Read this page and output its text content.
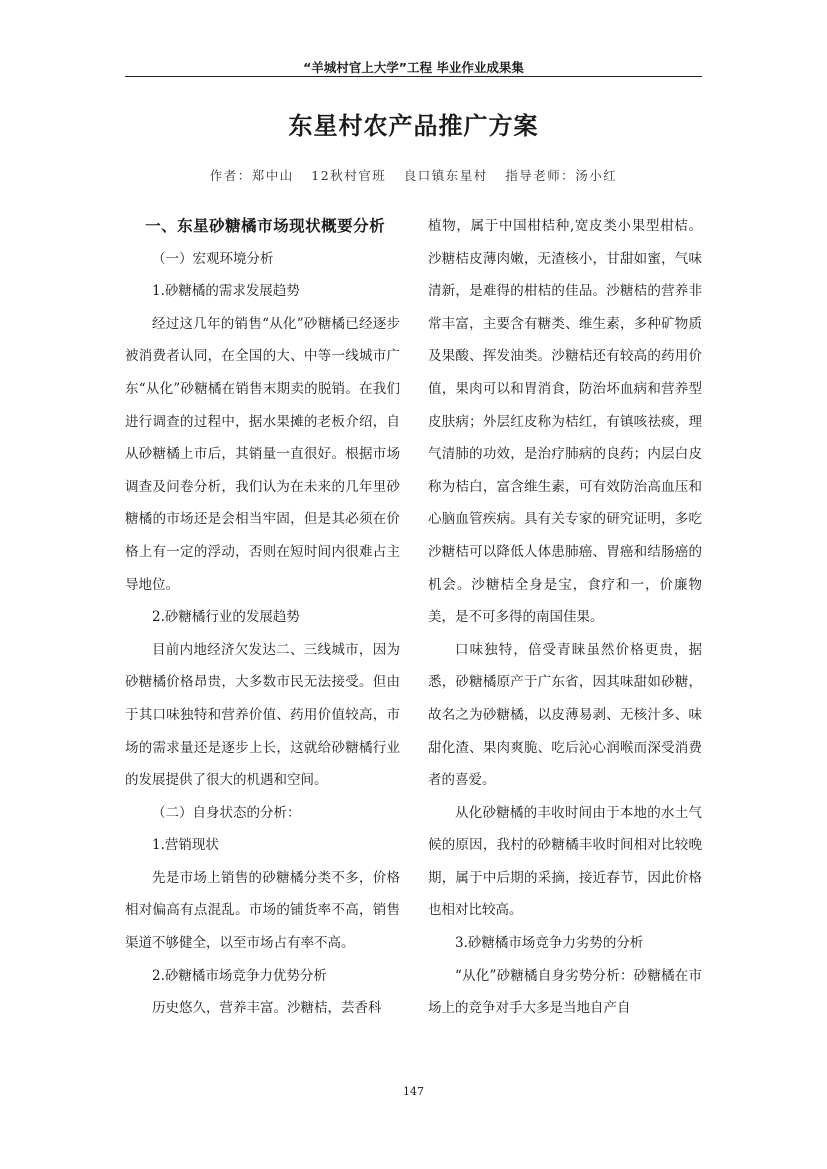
“羊城村官上大学”工程 毕业作业成果集
东星村农产品推广方案
作者：郑中山 12秋村官班 良口镇东星村 指导老师：汤小红

一、东星砂糖橘市场现状概要分析

（一）宏观环境分析

1.砂糖橘的需求发展趋势

经过这几年的销售“从化”砂糖橘已经逐步被消费者认同，在全国的大、中等一线城市广东“从化”砂糖橘在销售末期卖的脱销。在我们进行调查的过程中，据水果摊的老板介绍，自从砂糖橘上市后，其销量一直很好。根据市场调查及问卷分析，我们认为在未来的几年里砂糖橘的市场还是会相当牢固，但是其必须在价格上有一定的浮动，否则在短时间内很难占主导地位。

2.砂糖橘行业的发展趋势

目前内地经济欠发达二、三线城市，因为砂糖橘价格昂贵，大多数市民无法接受。但由于其口味独特和营养价值、药用价值较高，市场的需求量还是逐步上长，这就给砂糖橘行业的发展提供了很大的机遇和空间。

（二）自身状态的分析：

1.营销现状

先是市场上销售的砂糖橘分类不多，价格相对偏高有点混乱。市场的铺货率不高，销售渠道不够健全，以至市场占有率不高。

2.砂糖橘市场竞争力优势分析

历史悠久，营养丰富。沙糖桔，芸香科

植物，属于中国柑桔种,宽皮类小果型柑桔。沙糖桔皮薄肉嫩，无渣核小，甘甜如蜜，气味清新，是难得的柑桔的佳品。沙糖桔的营养非常丰富，主要含有糖类、维生素，多种矿物质及果酸、挥发油类。沙糖桔还有较高的药用价值，果肉可以和胃消食，防治坏血病和营养型皮肤病；外层红皮称为桔红，有镇咳祛痰，理气清肺的功效，是治疗肺病的良药；内层白皮称为桔白，富含维生素，可有效防治高血压和心脑血管疾病。具有关专家的研究证明，多吃沙糖桔可以降低人体患肺癌、胃癌和结肠癌的机会。沙糖桔全身是宝，食疗和一，价廉物美，是不可多得的南国佳果。

口味独特，倍受青睐虽然价格更贵，据悉，砂糖橘原产于广东省，因其味甜如砂糖，故名之为砂糖橘，以皮薄易剥、无核汁多、味甜化渣、果肉爽脆、吃后沁心润喉而深受消费者的喜爱。

从化砂糖橘的丰收时间由于本地的水土气候的原因，我村的砂糖橘丰收时间相对比较晚期，属于中后期的采摘，接近春节，因此价格也相对比较高。

3.砂糖橘市场竞争力劣势的分析

“从化”砂糖橘自身劣势分析：砂糖橘在市场上的竞争对手大多是当地自产自

147
